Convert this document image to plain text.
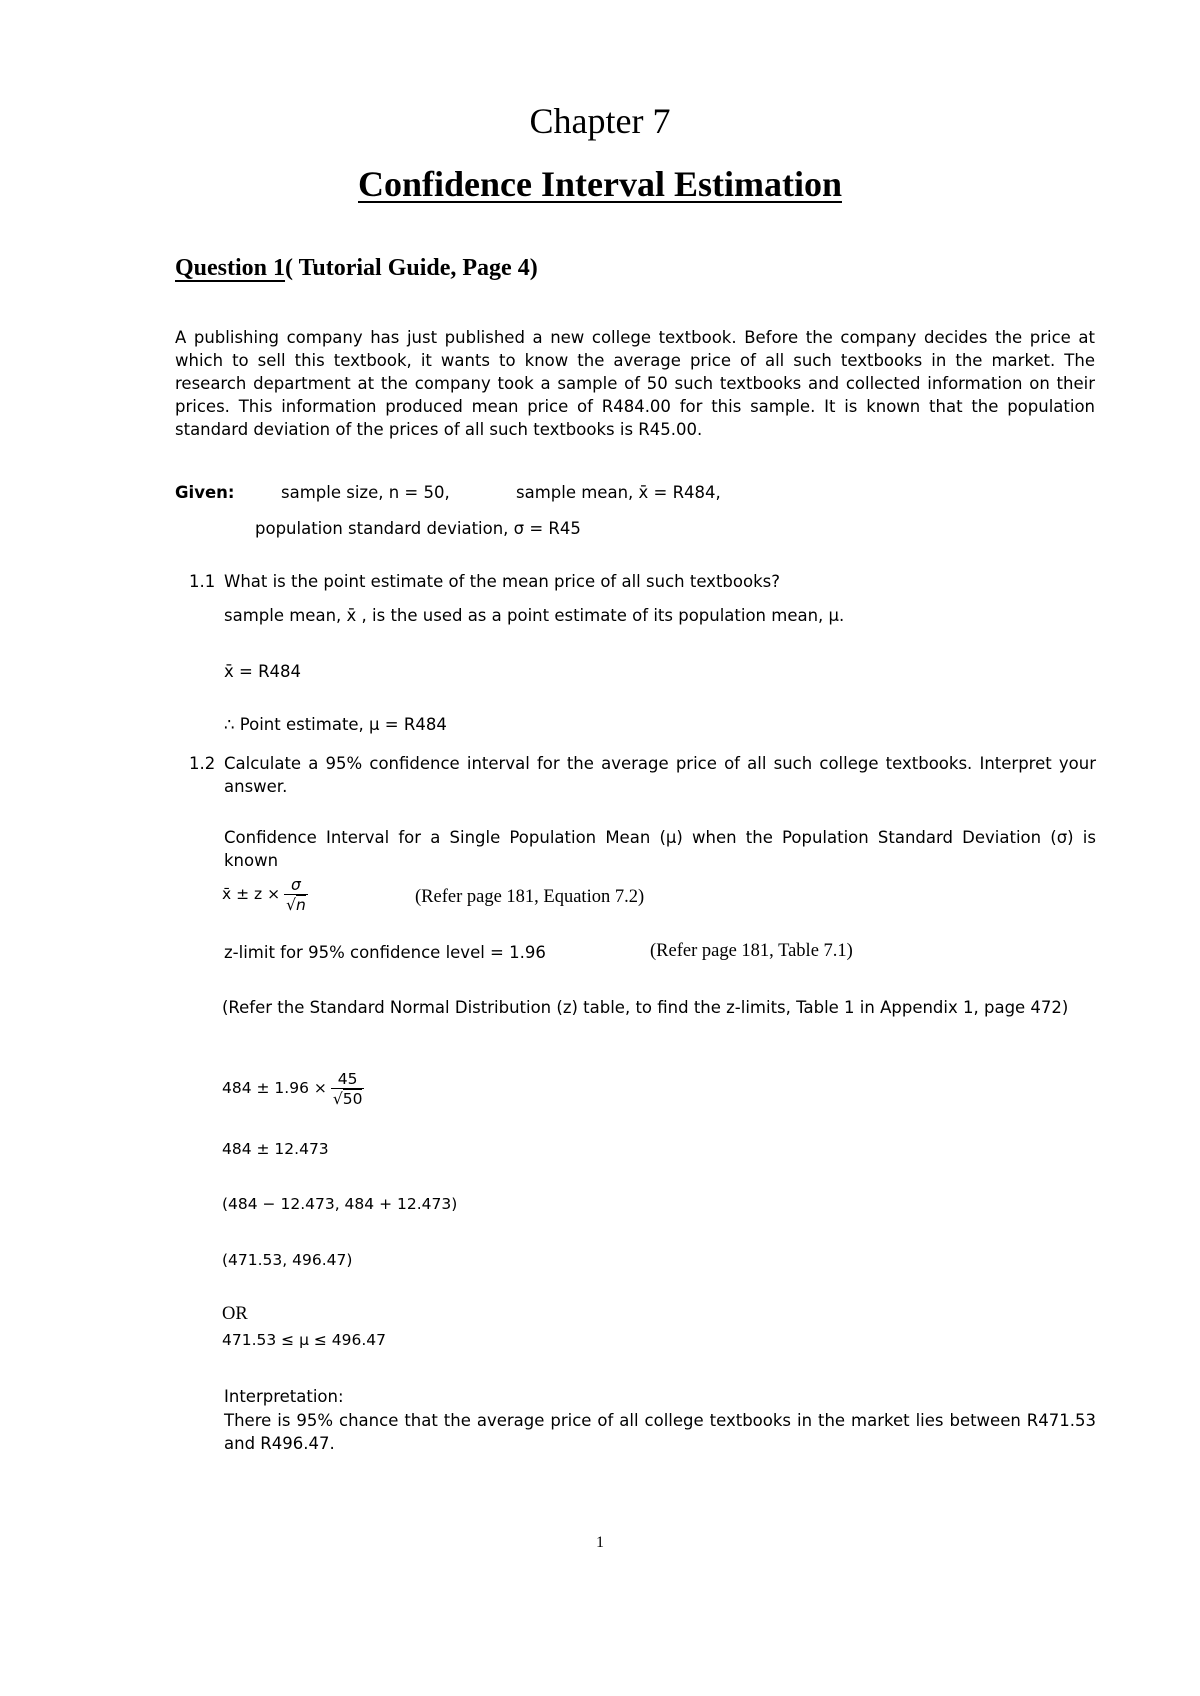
Chapter 7
Confidence Interval Estimation
Question 1( Tutorial Guide, Page 4)
A publishing company has just published a new college textbook. Before the company decides the price at which to sell this textbook, it wants to know the average price of all such textbooks in the market. The research department at the company took a sample of 50 such textbooks and collected information on their prices. This information produced mean price of R484.00 for this sample. It is known that the population standard deviation of the prices of all such textbooks is R45.00.
Given:	sample size, n = 50,	sample mean, x̄ = R484,
population standard deviation, σ = R45
1.1 What is the point estimate of the mean price of all such textbooks?
sample mean, x̄ , is the used as a point estimate of its population mean, μ.
x̄ = R484
∴ Point estimate, μ = R484
1.2 Calculate a 95% confidence interval for the average price of all such college textbooks. Interpret your answer.
Confidence Interval for a Single Population Mean (μ) when the Population Standard Deviation (σ) is known
x̄ ± $z \times \frac{\sigma}{√n}$	(Refer page 181, Equation 7.2)
z-limit for 95% confidence level = 1.96	(Refer page 181, Table 7.1)
(Refer the Standard Normal Distribution (z) table, to find the z-limits, Table 1 in Appendix 1, page 472)
$484 \pm 1.96 \times \frac{45}{√50}$
484 ± 12.473
(484 − 12.473, 484 + 12.473)
(471.53, 496.47)
OR
471.53 ≤ μ ≤ 496.47
Interpretation:
There is 95% chance that the average price of all college textbooks in the market lies between R471.53 and R496.47.
1
